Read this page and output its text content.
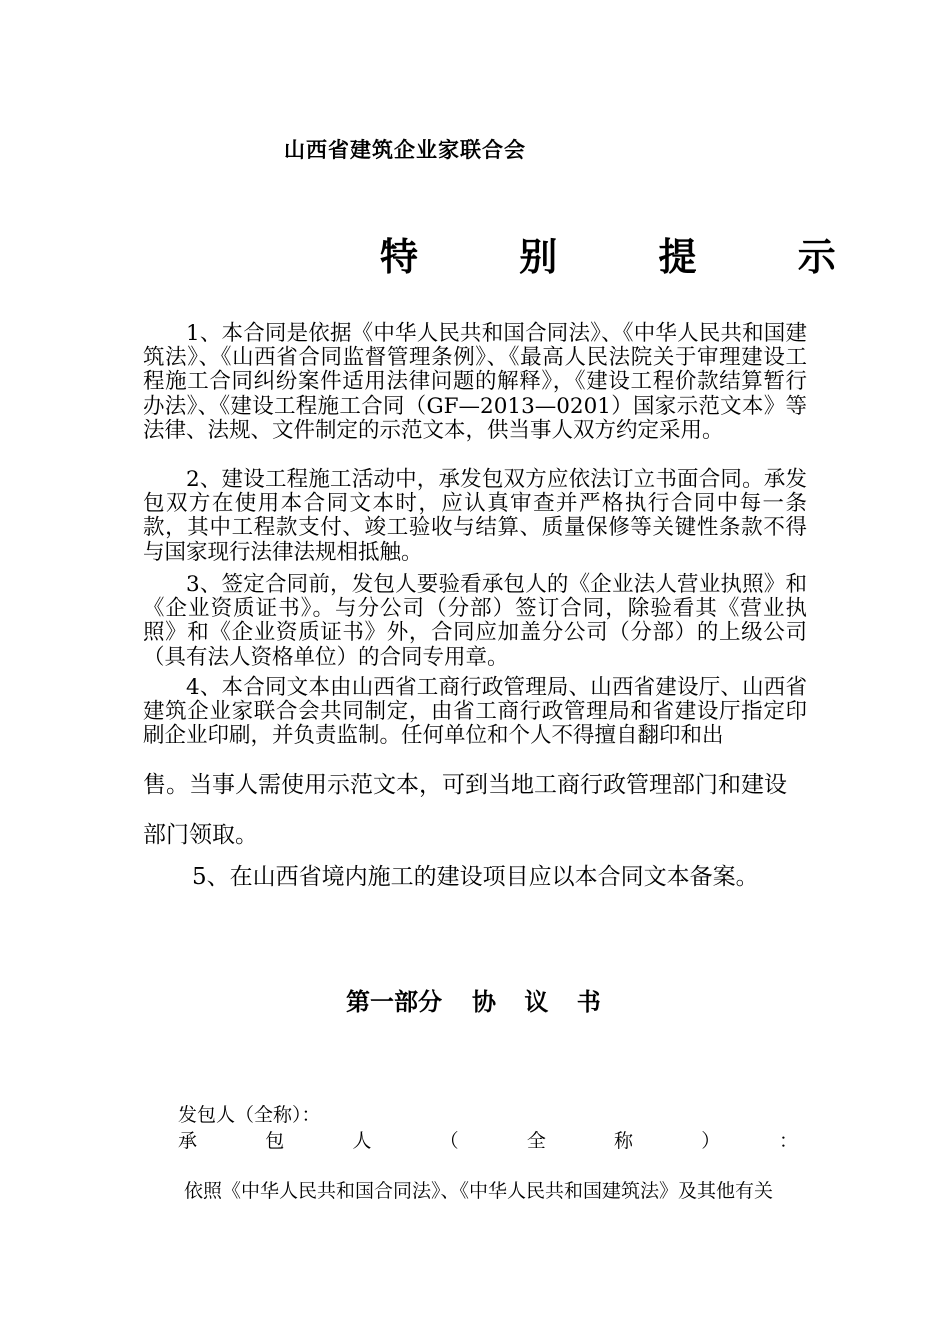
山西省建筑企业家联合会
特 别 提 示
1、本合同是依据《中华人民共和国合同法》、《中华人民共和国建筑法》、《山西省合同监督管理条例》、《最高人民法院关于审理建设工程施工合同纠纷案件适用法律问题的解释》，《建设工程价款结算暂行办法》、《建设工程施工合同（GF—2013—0201）国家示范文本》等法律、法规、文件制定的示范文本，供当事人双方约定采用。
2、建设工程施工活动中，承发包双方应依法订立书面合同。承发包双方在使用本合同文本时，应认真审查并严格执行合同中每一条款，其中工程款支付、竣工验收与结算、质量保修等关键性条款不得与国家现行法律法规相抵触。
3、签定合同前，发包人要验看承包人的《企业法人营业执照》和《企业资质证书》。与分公司（分部）签订合同，除验看其《营业执照》和《企业资质证书》外，合同应加盖分公司（分部）的上级公司（具有法人资格单位）的合同专用章。
4、本合同文本由山西省工商行政管理局、山西省建设厅、山西省建筑企业家联合会共同制定，由省工商行政管理局和省建设厅指定印刷企业印刷，并负责监制。任何单位和个人不得擅自翻印和出
售。当事人需使用示范文本，可到当地工商行政管理部门和建设部门领取。
5、在山西省境内施工的建设项目应以本合同文本备案。
第一部分 协 议 书
发包人（全称）：
承包人（全称）：
依照《中华人民共和国合同法》、《中华人民共和国建筑法》及其他有关
